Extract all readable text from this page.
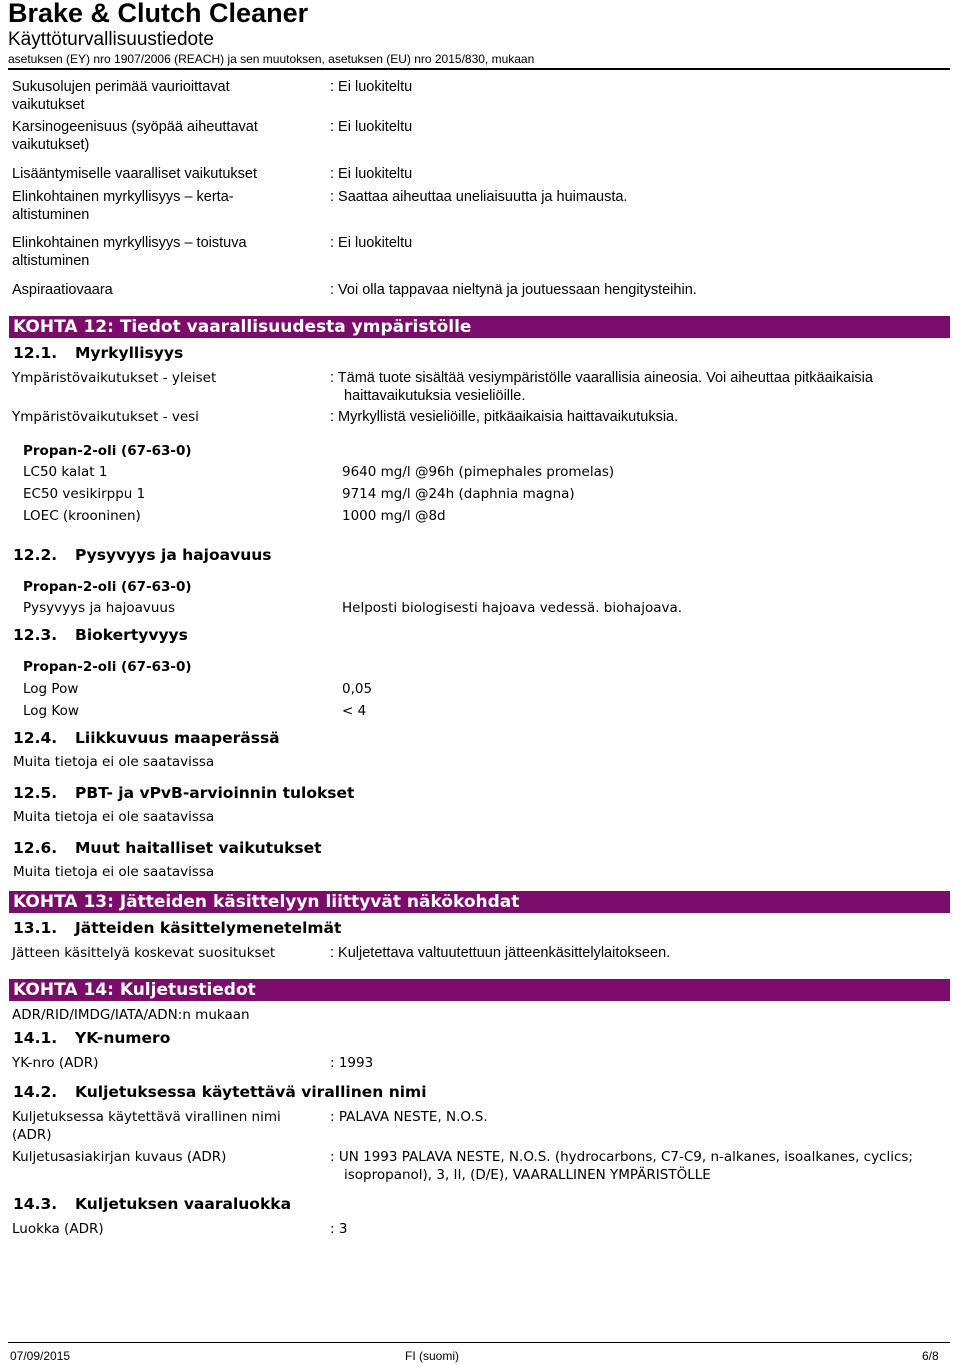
Brake & Clutch Cleaner
Käyttöturvallisuustiedote
asetuksen (EY) nro 1907/2006 (REACH) ja sen muutoksen, asetuksen (EU) nro 2015/830, mukaan
Sukusolujen perimää vaurioittavat vaikutukset
: Ei luokiteltu
Karsinogeenisuus (syöpää aiheuttavat vaikutukset)
: Ei luokiteltu
Lisääntymiselle vaaralliset vaikutukset	: Ei luokiteltu
Elinkohtainen myrkyllisyys – kerta-altistuminen
: Saattaa aiheuttaa uneliaisuutta ja huimausta.
Elinkohtainen myrkyllisyys – toistuva altistuminen
: Ei luokiteltu
Aspiraatiovaara	: Voi olla tappavaa nieltynä ja joutuessaan hengitysteihin.
KOHTA 12: Tiedot vaarallisuudesta ympäristölle
12.1. Myrkyllisyys
Ympäristövaikutukset - yleiset	: Tämä tuote sisältää vesiympäristölle vaarallisia aineosia. Voi aiheuttaa pitkäaikaisia haittavaikutuksia vesieliöille.
Ympäristövaikutukset - vesi	: Myrkyllistä vesieliöille, pitkäaikaisia haittavaikutuksia.
Propan-2-oli (67-63-0)
LC50 kalat 1	9640 mg/l @96h (pimephales promelas)
EC50 vesikirppu 1	9714 mg/l @24h (daphnia magna)
LOEC (krooninen)	1000 mg/l @8d
12.2. Pysyvyys ja hajoavuus
Propan-2-oli (67-63-0)
Pysyvyys ja hajoavuus	Helposti biologisesti hajoava vedessä. biohajoava.
12.3. Biokertyvyys
Propan-2-oli (67-63-0)
Log Pow	0,05
Log Kow	< 4
12.4. Liikkuvuus maaperässä
Muita tietoja ei ole saatavissa
12.5. PBT- ja vPvB-arvioinnin tulokset
Muita tietoja ei ole saatavissa
12.6. Muut haitalliset vaikutukset
Muita tietoja ei ole saatavissa
KOHTA 13: Jätteiden käsittelyyn liittyvät näkökohdat
13.1. Jätteiden käsittelymenetelmät
Jätteen käsittelyä koskevat suositukset	: Kuljetettava valtuutettuun jätteenkäsittelylaitokseen.
KOHTA 14: Kuljetustiedot
ADR/RID/IMDG/IATA/ADN:n mukaan
14.1. YK-numero
YK-nro (ADR)	: 1993
14.2. Kuljetuksessa käytettävä virallinen nimi
Kuljetuksessa käytettävä virallinen nimi (ADR)
: PALAVA NESTE, N.O.S.
Kuljetusasiakirjan kuvaus (ADR)	: UN 1993 PALAVA NESTE, N.O.S. (hydrocarbons, C7-C9, n-alkanes, isoalkanes, cyclics; isopropanol), 3, II, (D/E), VAARALLINEN YMPÄRISTÖLLE
14.3. Kuljetuksen vaaraluokka
Luokka (ADR)	: 3
07/09/2015	FI (suomi)	6/8
